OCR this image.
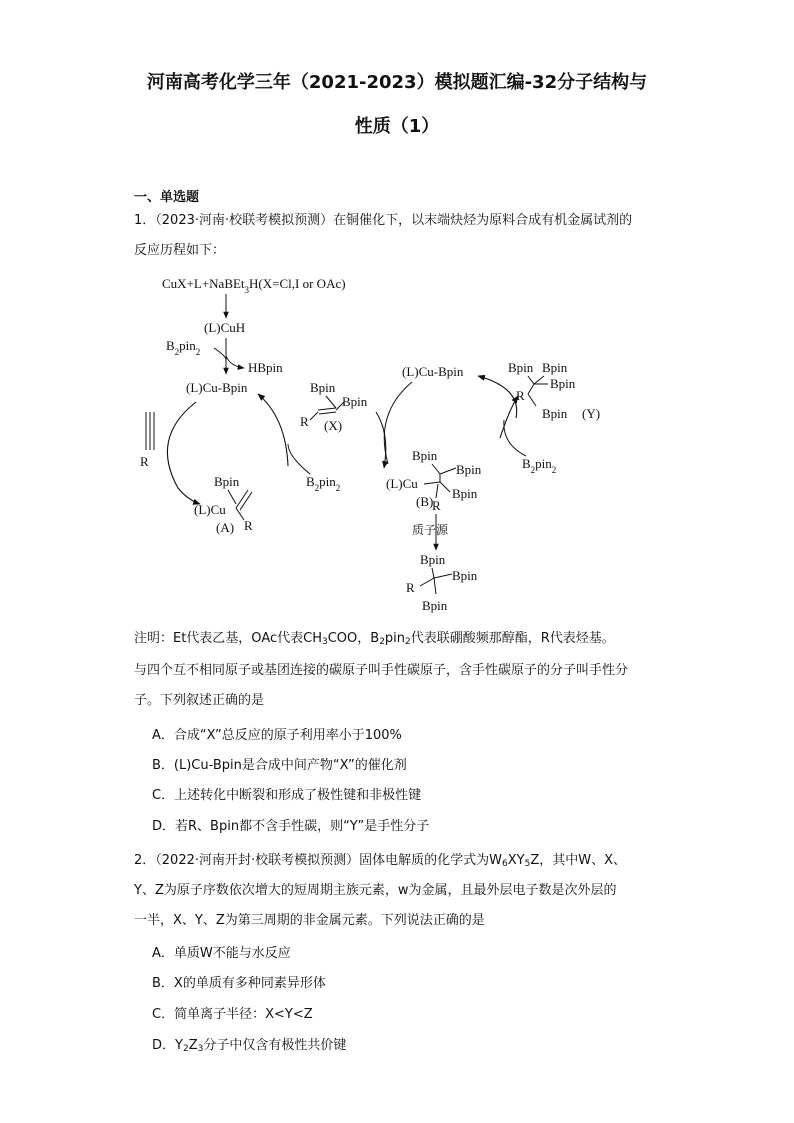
河南高考化学三年（2021-2023）模拟题汇编-32分子结构与
性质（1）
一、单选题
1．（2023·河南·校联考模拟预测）在铜催化下，以末端炔烃为原料合成有机金属试剂的
反应历程如下：
CuX+L+NaBEt$_3$H(X=Cl,I or OAc)
(L)CuH
$B_2pin_2$
HBpin
(L)Cu-Bpin
R
Bpin
(L)Cu
R
(A)
$B_2pin_2$
Bpin
R
Bpin
(X)
(L)Cu-Bpin
Bpin
Bpin
(L)Cu
Bpin
(B)
R
$B_2pin_2$
Bpin Bpin
Bpin
R
Bpin (Y)
质子源
Bpin
Bpin
R
Bpin
注明：Et代表乙基，OAc代表$CH_3COO$，$B_2pin_2$代表联硼酸频那醇酯，R代表烃基。
与四个互不相同原子或基团连接的碳原子叫手性碳原子，含手性碳原子的分子叫手性分
子。下列叙述正确的是
A．合成“X”总反应的原子利用率小于100%
B．(L)Cu-Bpin是合成中间产物“X”的催化剂
C．上述转化中断裂和形成了极性键和非极性键
D．若R、Bpin都不含手性碳，则“Y”是手性分子
2．（2022·河南开封·校联考模拟预测）固体电解质的化学式为$W_6XY_5Z$，其中W、X、
Y、Z为原子序数依次增大的短周期主族元素，w为金属，且最外层电子数是次外层的
一半，X、Y、Z为第三周期的非金属元素。下列说法正确的是
A．单质W不能与水反应
B．X的单质有多种同素异形体
C．简单离子半径：X<Y<Z
D．$Y_2Z_3$分子中仅含有极性共价键
